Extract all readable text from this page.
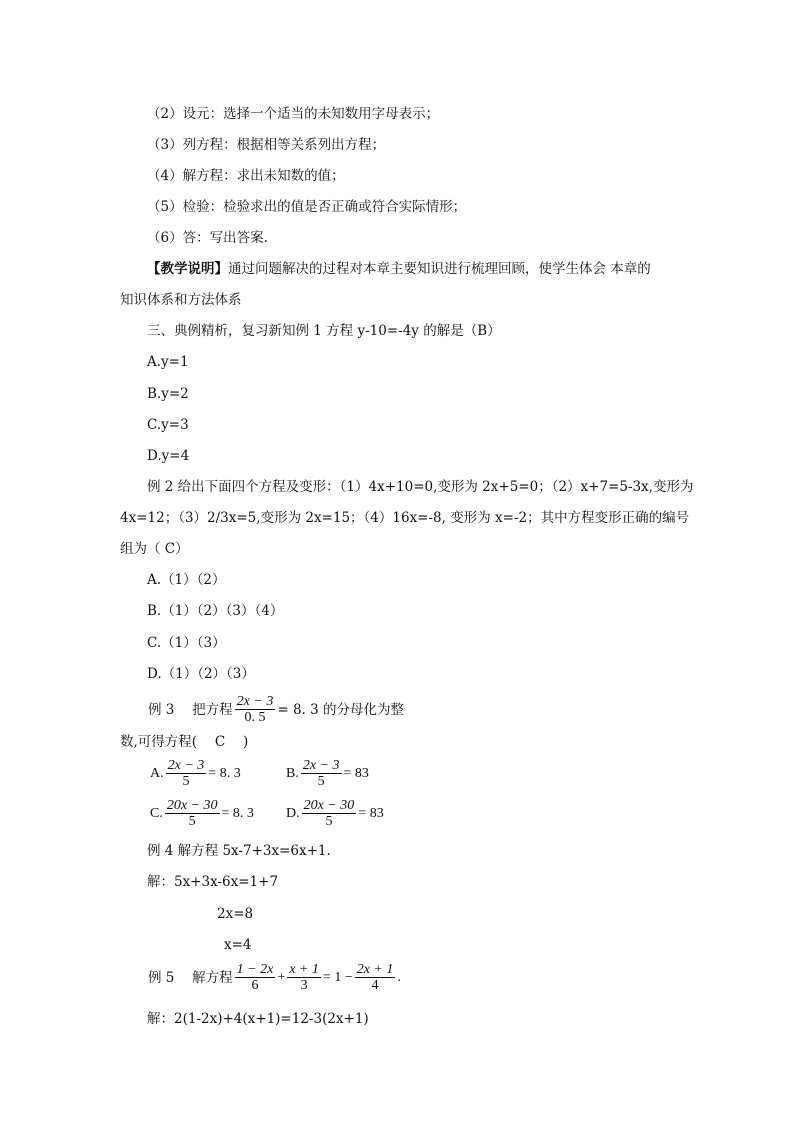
（2）设元：选择一个适当的未知数用字母表示；
（3）列方程：根据相等关系列出方程；
（4）解方程：求出未知数的值；
（5）检验：检验求出的值是否正确或符合实际情形；
（6）答：写出答案.
【教学说明】通过问题解决的过程对本章主要知识进行梳理回顾，使学生体会 本章的
知识体系和方法体系
三、典例精析，复习新知例 1 方程 y-10=-4y 的解是（B）
A.y=1
B.y=2
C.y=3
D.y=4
例 2 给出下面四个方程及变形：（1）4x+10=0,变形为 2x+5=0；（2）x+7=5-3x,变形为
4x=12；（3）2/3x=5,变形为 2x=15；（4）16x=-8, 变形为 x=-2；其中方程变形正确的编号
组为（ C）
A.（1）（2）
B.（1）（2）（3）（4）
C.（1）（3）
D.（1）（2）（3）
例 3　 把方程 $\frac{2x - 3}{0. 5} = 8$. 3 的分母化为整
数,可得方程(　 C　 )
A. $\frac{2x - 3}{5} = 8$. 3	B. $\frac{2x - 3}{5} = 83$
C. $\frac{20x - 30}{5} = 8$. 3 D. $\frac{20x - 30}{5} = 83$
例 4 解方程 5x-7+3x=6x+1.
解：5x+3x-6x=1+7
2x=8
x=4
例 5　 解方程 $\frac{1 - 2x}{6} + \frac{x + 1}{3} = 1 - \frac{2x + 1}{4}$ .
解：2(1-2x)+4(x+1)=12-3(2x+1)
